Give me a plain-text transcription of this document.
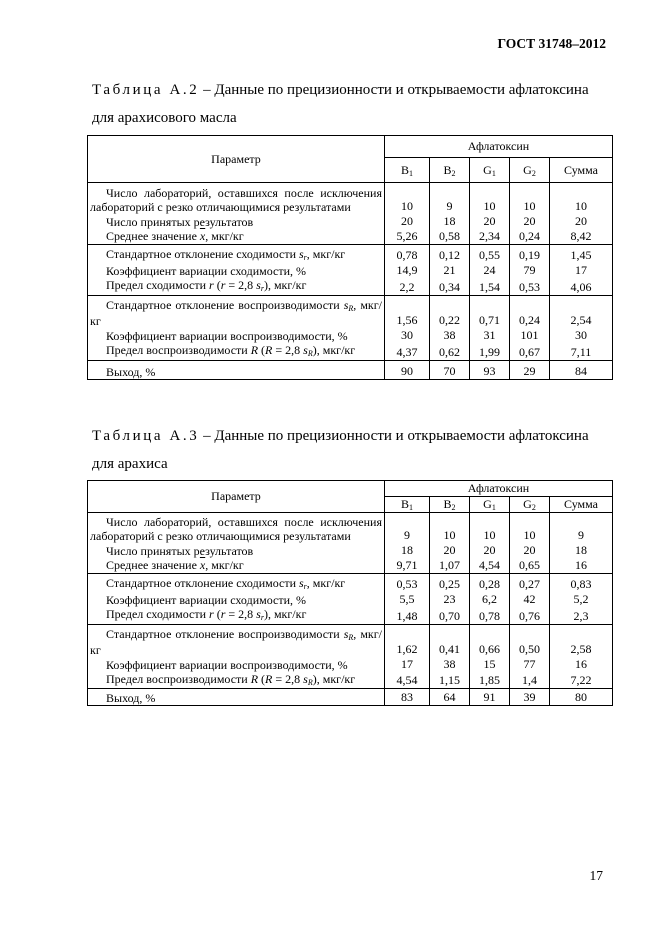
ГОСТ 31748–2012
Таблица А.2 – Данные по прецизионности и открываемости афлатоксина для арахисового масла
Параметр	Афлатоксин				
	$B_1$	$B_2$	$G_1$	$G_2$	Сумма
Число лабораторий, оставшихся после исключения лабораторий с резко отличающимися результатами	10	9	10	10	10
Число принятых результатов	20	18	20	20	20
Среднее значение $\overline{x}$, мкг/кг	5,26	0,58	2,34	0,24	8,42
Стандартное отклонение сходимости $s_r$, мкг/кг	0,78	0,12	0,55	0,19	1,45
Коэффициент вариации сходимости, %	14,9	21	24	79	17
Предел сходимости r (r = 2,8 $s_r$), мкг/кг	2,2	0,34	1,54	0,53	4,06
Стандартное отклонение воспроизводимости $s_R$, мкг/кг	1,56	0,22	0,71	0,24	2,54
Коэффициент вариации воспроизводимости, %	30	38	31	101	30
Предел воспроизводимости R (R = 2,8 $s_R$), мкг/кг	4,37	0,62	1,99	0,67	7,11
Выход, %	90	70	93	29	84
Таблица А.3 – Данные по прецизионности и открываемости афлатоксина для арахиса
Параметр	Афлатоксин				
	$B_1$	$B_2$	$G_1$	$G_2$	Сумма
Число лабораторий, оставшихся после исключения лабораторий с резко отличающимися результатами	9	10	10	10	9
Число принятых результатов	18	20	20	20	18
Среднее значение $\overline{x}$, мкг/кг	9,71	1,07	4,54	0,65	16
Стандартное отклонение сходимости $s_r$, мкг/кг	0,53	0,25	0,28	0,27	0,83
Коэффициент вариации сходимости, %	5,5	23	6,2	42	5,2
Предел сходимости r (r = 2,8 $s_r$), мкг/кг	1,48	0,70	0,78	0,76	2,3
Стандартное отклонение воспроизводимости $s_R$, мкг/кг	1,62	0,41	0,66	0,50	2,58
Коэффициент вариации воспроизводимости, %	17	38	15	77	16
Предел воспроизводимости R (R = 2,8 $s_R$), мкг/кг	4,54	1,15	1,85	1,4	7,22
Выход, %	83	64	91	39	80
17
